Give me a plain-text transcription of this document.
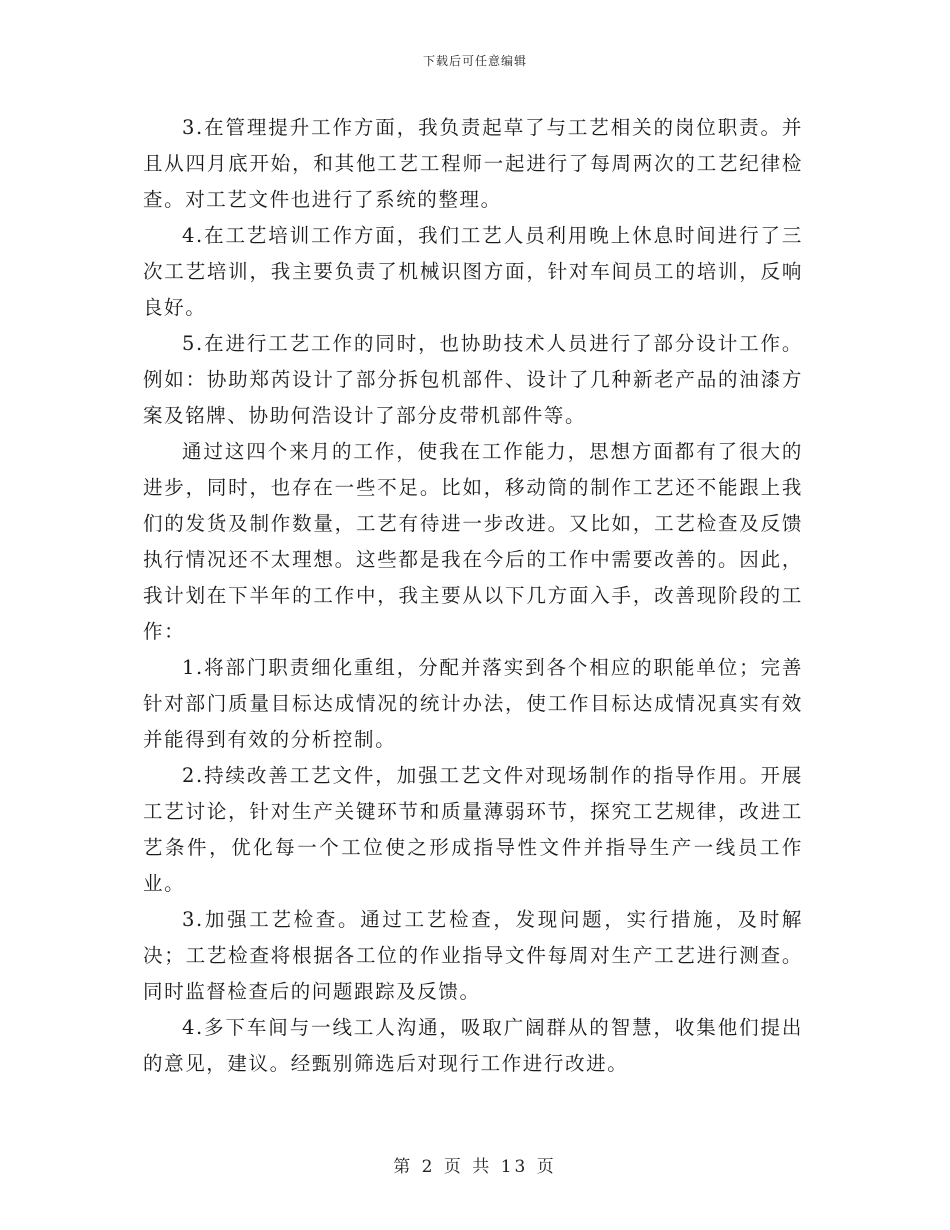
下载后可任意编辑

3.在管理提升工作方面，我负责起草了与工艺相关的岗位职责。并且从四月底开始，和其他工艺工程师一起进行了每周两次的工艺纪律检查。对工艺文件也进行了系统的整理。

4.在工艺培训工作方面，我们工艺人员利用晚上休息时间进行了三次工艺培训，我主要负责了机械识图方面，针对车间员工的培训，反响良好。

5.在进行工艺工作的同时，也协助技术人员进行了部分设计工作。例如：协助郑芮设计了部分拆包机部件、设计了几种新老产品的油漆方案及铭牌、协助何浩设计了部分皮带机部件等。

通过这四个来月的工作，使我在工作能力，思想方面都有了很大的进步，同时，也存在一些不足。比如，移动筒的制作工艺还不能跟上我们的发货及制作数量，工艺有待进一步改进。又比如，工艺检查及反馈执行情况还不太理想。这些都是我在今后的工作中需要改善的。因此，我计划在下半年的工作中，我主要从以下几方面入手，改善现阶段的工作：

1.将部门职责细化重组，分配并落实到各个相应的职能单位；完善针对部门质量目标达成情况的统计办法，使工作目标达成情况真实有效并能得到有效的分析控制。

2.持续改善工艺文件，加强工艺文件对现场制作的指导作用。开展工艺讨论，针对生产关键环节和质量薄弱环节，探究工艺规律，改进工艺条件，优化每一个工位使之形成指导性文件并指导生产一线员工作业。

3.加强工艺检查。通过工艺检查，发现问题，实行措施，及时解决；工艺检查将根据各工位的作业指导文件每周对生产工艺进行测查。同时监督检查后的问题跟踪及反馈。

4.多下车间与一线工人沟通，吸取广阔群从的智慧，收集他们提出的意见，建议。经甄别筛选后对现行工作进行改进。

第 2 页 共 13 页
